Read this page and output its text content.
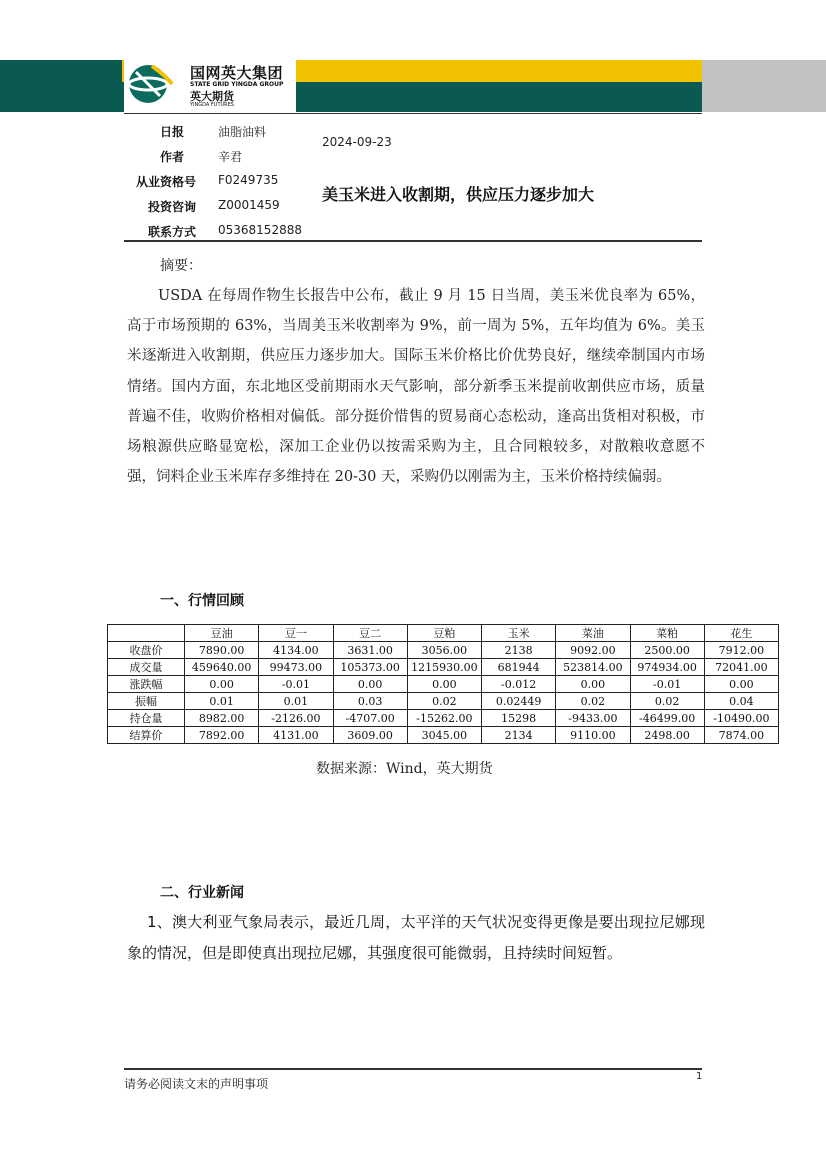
国网英大集团
STATE GRID YINGDA GROUP
英大期货
YINGDA FUTURES
日报	油脂油料
作者	辛君
从业资格号 F0249735
投资咨询 Z0001459
联系方式 05368152888
2024-09-23
美玉米进入收割期，供应压力逐步加大
摘要：
USDA 在每周作物生长报告中公布，截止 9 月 15 日当周，美玉米优良率为 65%，高于市场预期的 63%，当周美玉米收割率为 9%，前一周为 5%，五年均值为 6%。美玉米逐渐进入收割期，供应压力逐步加大。国际玉米价格比价优势良好，继续牵制国内市场情绪。国内方面，东北地区受前期雨水天气影响，部分新季玉米提前收割供应市场，质量普遍不佳，收购价格相对偏低。部分挺价惜售的贸易商心态松动，逢高出货相对积极，市场粮源供应略显宽松，深加工企业仍以按需采购为主，且合同粮较多，对散粮收意愿不强，饲料企业玉米库存多维持在 20-30 天，采购仍以刚需为主，玉米价格持续偏弱。
一、行情回顾
	豆油	豆一	豆二	豆粕	玉米	菜油	菜粕	花生
收盘价	7890.00	4134.00	3631.00	3056.00	2138	9092.00	2500.00	7912.00
成交量	459640.00	99473.00	105373.00	1215930.00	681944	523814.00	974934.00	72041.00
涨跌幅	0.00	-0.01	0.00	0.00	-0.012	0.00	-0.01	0.00
振幅	0.01	0.01	0.03	0.02	0.02449	0.02	0.02	0.04
持仓量	8982.00	-2126.00	-4707.00	-15262.00	15298	-9433.00	-46499.00	-10490.00
结算价	7892.00	4131.00	3609.00	3045.00	2134	9110.00	2498.00	7874.00
数据来源：Wind，英大期货
二、行业新闻
1、澳大利亚气象局表示，最近几周，太平洋的天气状况变得更像是要出现拉尼娜现象的情况，但是即使真出现拉尼娜，其强度很可能微弱，且持续时间短暂。
请务必阅读文末的声明事项
1
